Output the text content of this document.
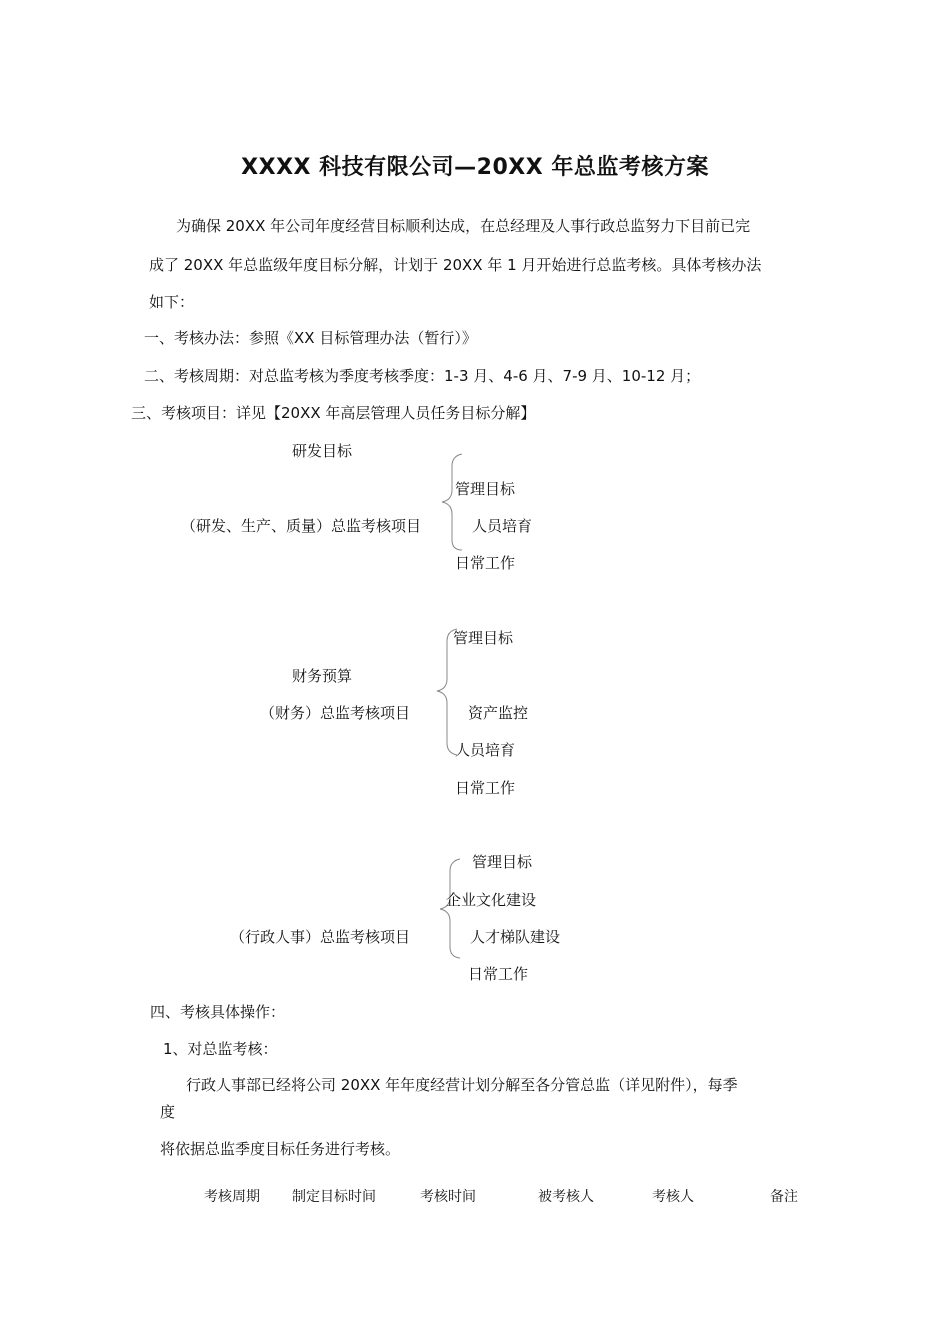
XXXX 科技有限公司—20XX 年总监考核方案
为确保 20XX 年公司年度经营目标顺利达成，在总经理及人事行政总监努力下目前已完
成了 20XX 年总监级年度目标分解，计划于 20XX 年 1 月开始进行总监考核。具体考核办法
如下：
一、考核办法：参照《XX 目标管理办法（暂行）》
二、考核周期：对总监考核为季度考核季度：1-3 月、4-6 月、7-9 月、10-12 月；
三、考核项目：详见【20XX 年高层管理人员任务目标分解】
研发目标
（研发、生产、质量）总监考核项目
管理目标
人员培育
日常工作
财务预算
（财务）总监考核项目
管理目标
资产监控
人员培育
日常工作
（行政人事）总监考核项目
管理目标
企业文化建设
人才梯队建设
日常工作
四、考核具体操作：
1、对总监考核：
行政人事部已经将公司 20XX 年年度经营计划分解至各分管总监（详见附件），每季
度
将依据总监季度目标任务进行考核。
考核周期 制定目标时间	考核时间	被考核人	考核人	备注
